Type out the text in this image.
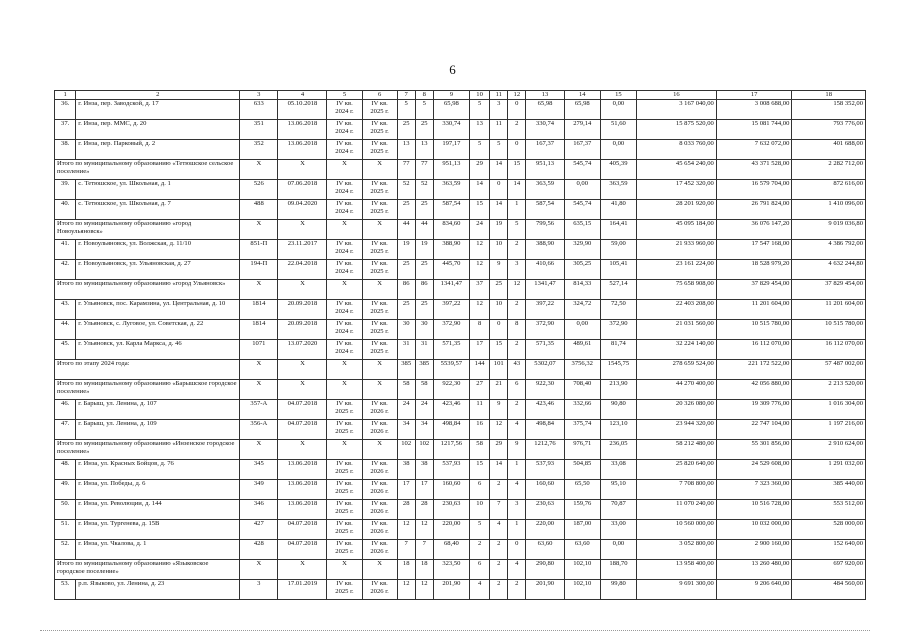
6
1	2	3	4	5	6	7	8	9	10	11	12	13	14	15	16	17	18
36.	г. Инза, пер. Заводской, д. 17	633	05.10.2018	IV кв. 2024 г.	IV кв. 2025 г.	5	5	65,98	5	3	0	65,98	65,98	0,00	3 167 040,00	3 008 688,00	158 352,00
37.	г. Инза, пер. ММС, д. 20	351	13.06.2018	IV кв. 2024 г.	IV кв. 2025 г.	25	25	330,74	13	11	2	330,74	279,14	51,60	15 875 520,00	15 081 744,00	793 776,00
38.	г. Инза, пер. Парковый, д. 2	352	13.06.2018	IV кв. 2024 г.	IV кв. 2025 г.	13	13	197,17	5	5	0	167,37	167,37	0,00	8 033 760,00	7 632 072,00	401 688,00
Итого по муниципальному образованию «Тетюшское сельское поселение»		X	X	X	X	77	77	951,13	29	14	15	951,13	545,74	405,39	45 654 240,00	43 371 528,00	2 282 712,00
39.	с. Тетюшское, ул. Школьная, д. 1	526	07.06.2018	IV кв. 2024 г.	IV кв. 2025 г.	52	52	363,59	14	0	14	363,59	0,00	363,59	17 452 320,00	16 579 704,00	872 616,00
40.	с. Тетюшское, ул. Школьная, д. 7	488	09.04.2020	IV кв. 2024 г.	IV кв. 2025 г.	25	25	587,54	15	14	1	587,54	545,74	41,80	28 201 920,00	26 791 824,00	1 410 096,00
Итого по муниципальному образованию «город Новоульяновск»		X	X	X	X	44	44	834,60	24	19	5	799,56	635,15	164,41	45 095 184,00	36 076 147,20	9 019 036,80
41.	г. Новоульяновск, ул. Волжская, д. 11/10	851-П	23.11.2017	IV кв. 2024 г.	IV кв. 2025 г.	19	19	388,90	12	10	2	388,90	329,90	59,00	21 933 960,00	17 547 168,00	4 386 792,00
42.	г. Новоульяновск, ул. Ульяновская, д. 27	194-П	22.04.2018	IV кв. 2024 г.	IV кв. 2025 г.	25	25	445,70	12	9	3	410,66	305,25	105,41	23 161 224,00	18 528 979,20	4 632 244,80
Итого по муниципальному образованию «город Ульяновск»		X	X	X	X	86	86	1341,47	37	25	12	1341,47	814,33	527,14	75 658 908,00	37 829 454,00	37 829 454,00
43.	г. Ульяновск, пос. Карамзина, ул. Центральная, д. 10	1814	20.09.2018	IV кв. 2024 г.	IV кв. 2025 г.	25	25	397,22	12	10	2	397,22	324,72	72,50	22 403 208,00	11 201 604,00	11 201 604,00
44.	г. Ульяновск, с. Луговое, ул. Советская, д. 22	1814	20.09.2018	IV кв. 2024 г.	IV кв. 2025 г.	30	30	372,90	8	0	8	372,90	0,00	372,90	21 031 560,00	10 515 780,00	10 515 780,00
45.	г. Ульяновск, ул. Карла Маркса, д. 46	1071	13.07.2020	IV кв. 2024 г.	IV кв. 2025 г.	31	31	571,35	17	15	2	571,35	489,61	81,74	32 224 140,00	16 112 070,00	16 112 070,00
Итого по этапу 2024 года:		X	X	X	X	385	385	5539,57	144	101	43	5302,07	3756,32	1545,75	278 659 524,00	221 172 522,00	57 487 002,00
Итого по муниципальному образованию «Барышское городское поселение»		X	X	X	X	58	58	922,30	27	21	6	922,30	708,40	213,90	44 270 400,00	42 056 880,00	2 213 520,00
46.	г. Барыш, ул. Ленина, д. 107	357-А	04.07.2018	IV кв. 2025 г.	IV кв. 2026 г.	24	24	423,46	11	9	2	423,46	332,66	90,80	20 326 080,00	19 309 776,00	1 016 304,00
47.	г. Барыш, ул. Ленина, д. 109	356-А	04.07.2018	IV кв. 2025 г.	IV кв. 2026 г.	34	34	498,84	16	12	4	498,84	375,74	123,10	23 944 320,00	22 747 104,00	1 197 216,00
Итого по муниципальному образованию «Инзенское городское поселение»		X	X	X	X	102	102	1217,56	58	29	9	1212,76	976,71	236,05	58 212 480,00	55 301 856,00	2 910 624,00
48.	г. Инза, ул. Красных Бойцов, д. 76	345	13.06.2018	IV кв. 2025 г.	IV кв. 2026 г.	38	38	537,93	15	14	1	537,93	504,85	33,08	25 820 640,00	24 529 608,00	1 291 032,00
49.	г. Инза, ул. Победы, д. 6	349	13.06.2018	IV кв. 2025 г.	IV кв. 2026 г.	17	17	160,60	6	2	4	160,60	65,50	95,10	7 708 800,00	7 323 360,00	385 440,00
50.	г. Инза, ул. Революции, д. 144	346	13.06.2018	IV кв. 2025 г.	IV кв. 2026 г.	28	28	230,63	10	7	3	230,63	159,76	70,87	11 070 240,00	10 516 728,00	553 512,00
51.	г. Инза, ул. Тургенева, д. 15В	427	04.07.2018	IV кв. 2025 г.	IV кв. 2026 г.	12	12	220,00	5	4	1	220,00	187,00	33,00	10 560 000,00	10 032 000,00	528 000,00
52.	г. Инза, ул. Чкалова, д. 1	428	04.07.2018	IV кв. 2025 г.	IV кв. 2026 г.	7	7	68,40	2	2	0	63,60	63,60	0,00	3 052 800,00	2 900 160,00	152 640,00
Итого по муниципальному образованию «Языковское городское поселение»		X	X	X	X	18	18	323,50	6	2	4	290,80	102,10	188,70	13 958 400,00	13 260 480,00	697 920,00
53.	р.п. Языково, ул. Ленина, д. 23	3	17.01.2019	IV кв. 2025 г.	IV кв. 2026 г.	12	12	201,90	4	2	2	201,90	102,10	99,80	9 691 300,00	9 206 640,00	484 560,00
